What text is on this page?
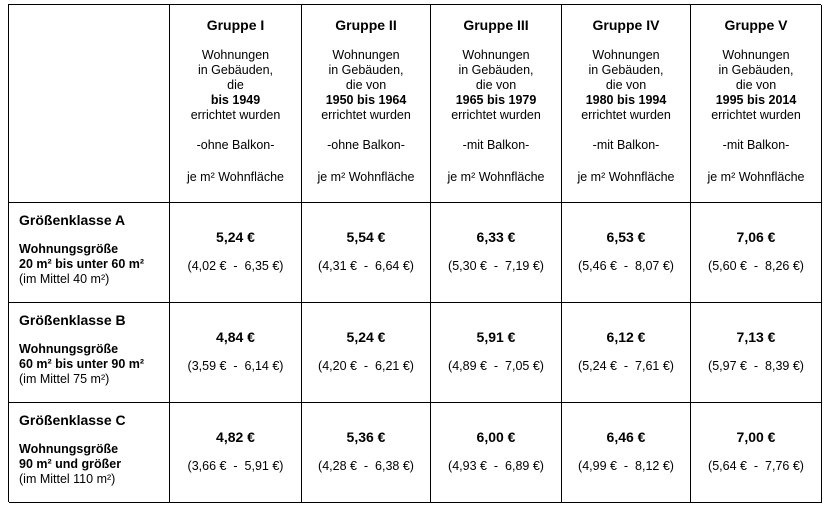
Gruppe I
Wohnungen
in Gebäuden,
die
bis 1949
errichtet wurden
-ohne Balkon-
je m² Wohnfläche
Gruppe II
Wohnungen
in Gebäuden,
die von
1950 bis 1964
errichtet wurden
-ohne Balkon-
je m² Wohnfläche
Gruppe III
Wohnungen
in Gebäuden,
die von
1965 bis 1979
errichtet wurden
-mit Balkon-
je m² Wohnfläche
Gruppe IV
Wohnungen
in Gebäuden,
die von
1980 bis 1994
errichtet wurden
-mit Balkon-
je m² Wohnfläche
Gruppe V
Wohnungen
in Gebäuden,
die von
1995 bis 2014
errichtet wurden
-mit Balkon-
je m² Wohnfläche
Größenklasse A
Wohnungsgröße
20 m² bis unter 60 m²
(im Mittel 40 m²)
5,24 €
(4,02 €  -  6,35 €)
5,54 €
(4,31 €  -  6,64 €)
6,33 €
(5,30 €  -  7,19 €)
6,53 €
(5,46 €  -  8,07 €)
7,06 €
(5,60 €  -  8,26 €)
Größenklasse B
Wohnungsgröße
60 m² bis unter 90 m²
(im Mittel 75 m²)
4,84 €
(3,59 €  -  6,14 €)
5,24 €
(4,20 €  -  6,21 €)
5,91 €
(4,89 €  -  7,05 €)
6,12 €
(5,24 €  -  7,61 €)
7,13 €
(5,97 €  -  8,39 €)
Größenklasse C
Wohnungsgröße
90 m² und größer
(im Mittel 110 m²)
4,82 €
(3,66 €  -  5,91 €)
5,36 €
(4,28 €  -  6,38 €)
6,00 €
(4,93 €  -  6,89 €)
6,46 €
(4,99 €  -  8,12 €)
7,00 €
(5,64 €  -  7,76 €)
